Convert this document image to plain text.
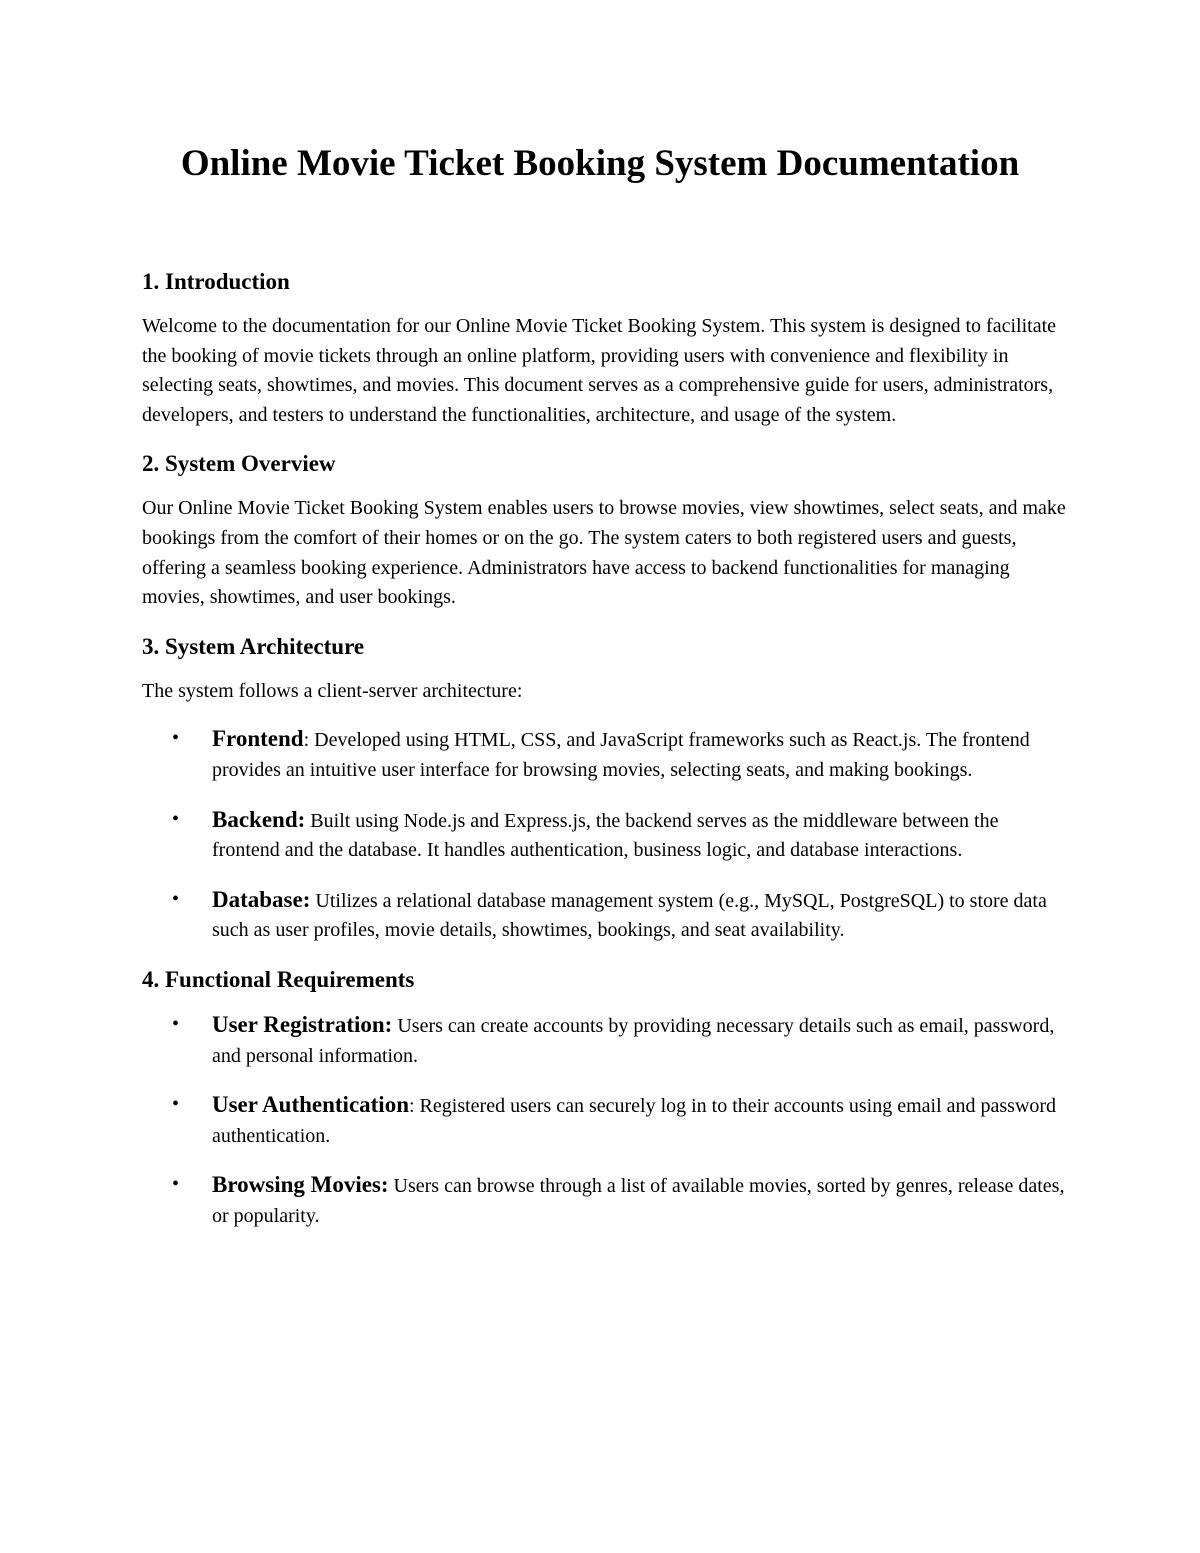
Online Movie Ticket Booking System Documentation
1. Introduction

Welcome to the documentation for our Online Movie Ticket Booking System. This system is designed to facilitate the booking of movie tickets through an online platform, providing users with convenience and flexibility in selecting seats, showtimes, and movies. This document serves as a comprehensive guide for users, administrators, developers, and testers to understand the functionalities, architecture, and usage of the system.

2. System Overview

Our Online Movie Ticket Booking System enables users to browse movies, view showtimes, select seats, and make bookings from the comfort of their homes or on the go. The system caters to both registered users and guests, offering a seamless booking experience. Administrators have access to backend functionalities for managing movies, showtimes, and user bookings.

3. System Architecture

The system follows a client-server architecture:

• Frontend: Developed using HTML, CSS, and JavaScript frameworks such as React.js. The frontend provides an intuitive user interface for browsing movies, selecting seats, and making bookings.
• Backend: Built using Node.js and Express.js, the backend serves as the middleware between the frontend and the database. It handles authentication, business logic, and database interactions.
• Database: Utilizes a relational database management system (e.g., MySQL, PostgreSQL) to store data such as user profiles, movie details, showtimes, bookings, and seat availability.
4. Functional Requirements
• User Registration: Users can create accounts by providing necessary details such as email, password, and personal information.
• User Authentication: Registered users can securely log in to their accounts using email and password authentication.
• Browsing Movies: Users can browse through a list of available movies, sorted by genres, release dates, or popularity.
